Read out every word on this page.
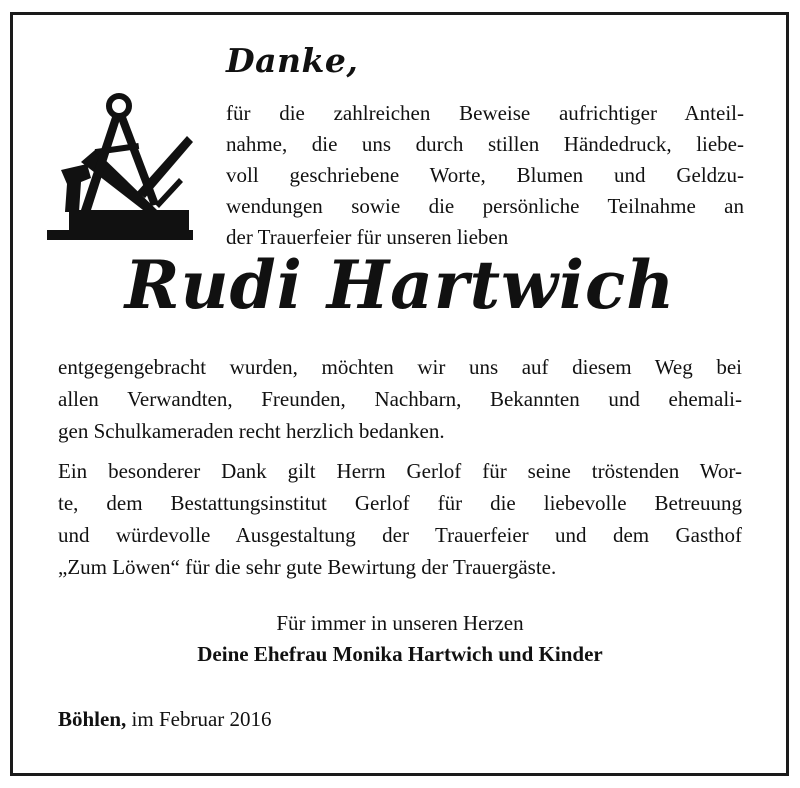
Danke,
für die zahlreichen Beweise aufrichtiger Anteil-
nahme, die uns durch stillen Händedruck, liebe-
voll geschriebene Worte, Blumen und Geldzu-
wendungen sowie die persönliche Teilnahme an
der Trauerfeier für unseren lieben
Rudi Hartwich
entgegengebracht wurden, möchten wir uns auf diesem Weg bei
allen Verwandten, Freunden, Nachbarn, Bekannten und ehemali-
gen Schulkameraden recht herzlich bedanken.
Ein besonderer Dank gilt Herrn Gerlof für seine tröstenden Wor-
te, dem Bestattungsinstitut Gerlof für die liebevolle Betreuung
und würdevolle Ausgestaltung der Trauerfeier und dem Gasthof
„Zum Löwen“ für die sehr gute Bewirtung der Trauergäste.
Für immer in unseren Herzen
Deine Ehefrau Monika Hartwich und Kinder
Böhlen, im Februar 2016
